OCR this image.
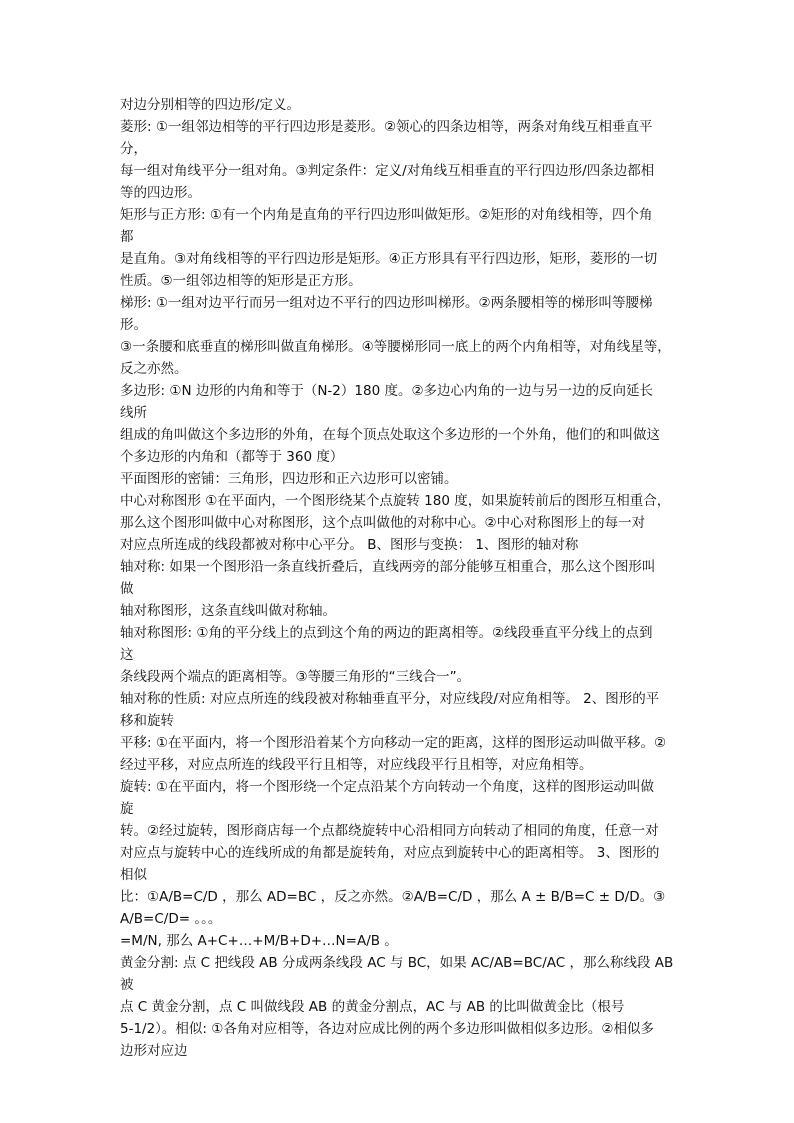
对边分别相等的四边形/定义。
菱形: ①一组邻边相等的平行四边形是菱形。②领心的四条边相等，两条对角线互相垂直平
分，
每一组对角线平分一组对角。③判定条件：定义/对角线互相垂直的平行四边形/四条边都相
等的四边形。
矩形与正方形: ①有一个内角是直角的平行四边形叫做矩形。②矩形的对角线相等，四个角
都
是直角。③对角线相等的平行四边形是矩形。④正方形具有平行四边形，矩形，菱形的一切
性质。⑤一组邻边相等的矩形是正方形。
梯形: ①一组对边平行而另一组对边不平行的四边形叫梯形。②两条腰相等的梯形叫等腰梯
形。
③一条腰和底垂直的梯形叫做直角梯形。④等腰梯形同一底上的两个内角相等，对角线星等，
反之亦然。
多边形: ①N 边形的内角和等于（N-2）180 度。②多边心内角的一边与另一边的反向延长
线所
组成的角叫做这个多边形的外角，在每个顶点处取这个多边形的一个外角，他们的和叫做这
个多边形的内角和（都等于 360 度）
平面图形的密铺：三角形，四边形和正六边形可以密铺。
中心对称图形 ①在平面内，一个图形绕某个点旋转 180 度，如果旋转前后的图形互相重合，
那么这个图形叫做中心对称图形，这个点叫做他的对称中心。②中心对称图形上的每一对
对应点所连成的线段都被对称中心平分。 B、图形与变换： 1、图形的轴对称
轴对称: 如果一个图形沿一条直线折叠后，直线两旁的部分能够互相重合，那么这个图形叫
做
轴对称图形，这条直线叫做对称轴。
轴对称图形: ①角的平分线上的点到这个角的两边的距离相等。②线段垂直平分线上的点到
这
条线段两个端点的距离相等。③等腰三角形的“三线合一”。
轴对称的性质: 对应点所连的线段被对称轴垂直平分，对应线段/对应角相等。 2、图形的平
移和旋转
平移: ①在平面内，将一个图形沿着某个方向移动一定的距离，这样的图形运动叫做平移。②
经过平移，对应点所连的线段平行且相等，对应线段平行且相等，对应角相等。
旋转: ①在平面内，将一个图形绕一个定点沿某个方向转动一个角度，这样的图形运动叫做
旋
转。②经过旋转，图形商店每一个点都绕旋转中心沿相同方向转动了相同的角度，任意一对
对应点与旋转中心的连线所成的角都是旋转角，对应点到旋转中心的距离相等。 3、图形的
相似
比：①A/B=C/D ，那么 AD=BC ，反之亦然。②A/B=C/D ，那么 A ± B/B=C ± D/D。③
A/B=C/D= 。。。
=M/N, 那么 A+C+…+M/B+D+…N=A/B 。
黄金分割: 点 C 把线段 AB 分成两条线段 AC 与 BC，如果 AC/AB=BC/AC ，那么称线段 AB
被
点 C 黄金分割，点 C 叫做线段 AB 的黄金分割点，AC 与 AB 的比叫做黄金比（根号
5-1/2）。相似: ①各角对应相等，各边对应成比例的两个多边形叫做相似多边形。②相似多
边形对应边
